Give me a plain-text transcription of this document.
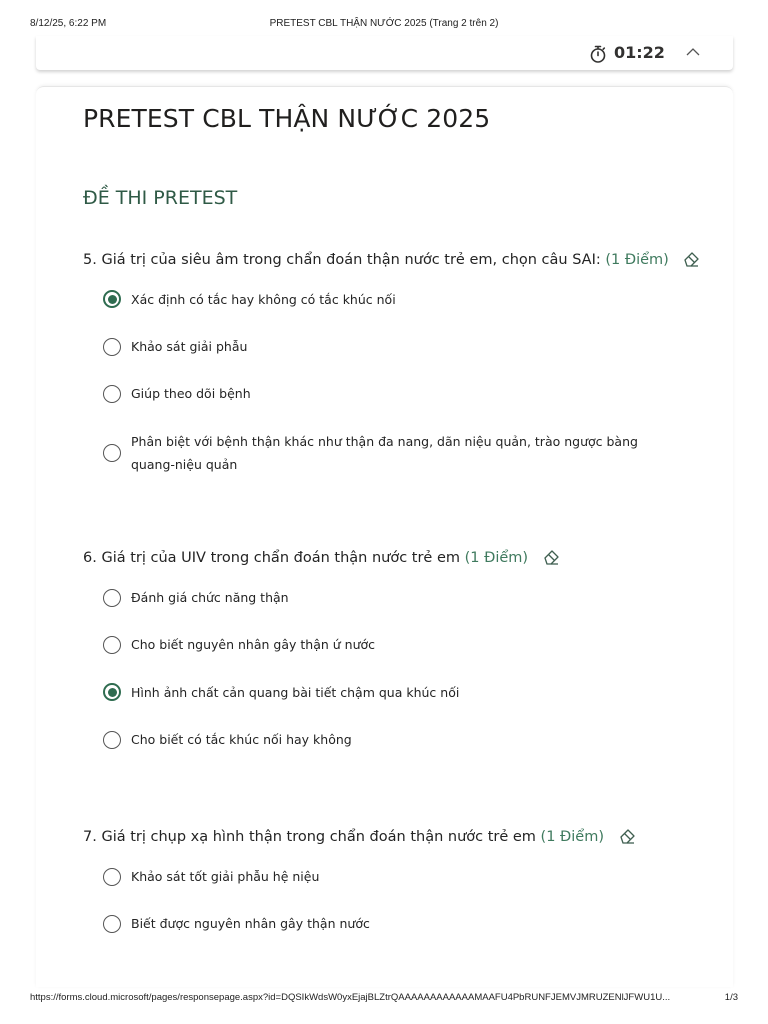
8/12/25, 6:22 PM	PRETEST CBL THẬN NƯỚC 2025 (Trang 2 trên 2)
01:22
PRETEST CBL THẬN NƯỚC 2025
ĐỀ THI PRETEST
5. Giá trị của siêu âm trong chẩn đoán thận nước trẻ em, chọn câu SAI: (1 Điểm)
Xác định có tắc hay không có tắc khúc nối
Khảo sát giải phẫu
Giúp theo dõi bệnh
Phân biệt với bệnh thận khác như thận đa nang, dãn niệu quản, trào ngược bàng quang-niệu quản
6. Giá trị của UIV trong chẩn đoán thận nước trẻ em (1 Điểm)
Đánh giá chức năng thận
Cho biết nguyên nhân gây thận ứ nước
Hình ảnh chất cản quang bài tiết chậm qua khúc nối
Cho biết có tắc khúc nối hay không
7. Giá trị chụp xạ hình thận trong chẩn đoán thận nước trẻ em (1 Điểm)
Khảo sát tốt giải phẫu hệ niệu
Biết được nguyên nhân gây thận nước
https://forms.cloud.microsoft/pages/responsepage.aspx?id=DQSIkWdsW0yxEjajBLZtrQAAAAAAAAAAAAMAAFU4PbRUNFJEMVJMRUZENlJFWU1U...	1/3
